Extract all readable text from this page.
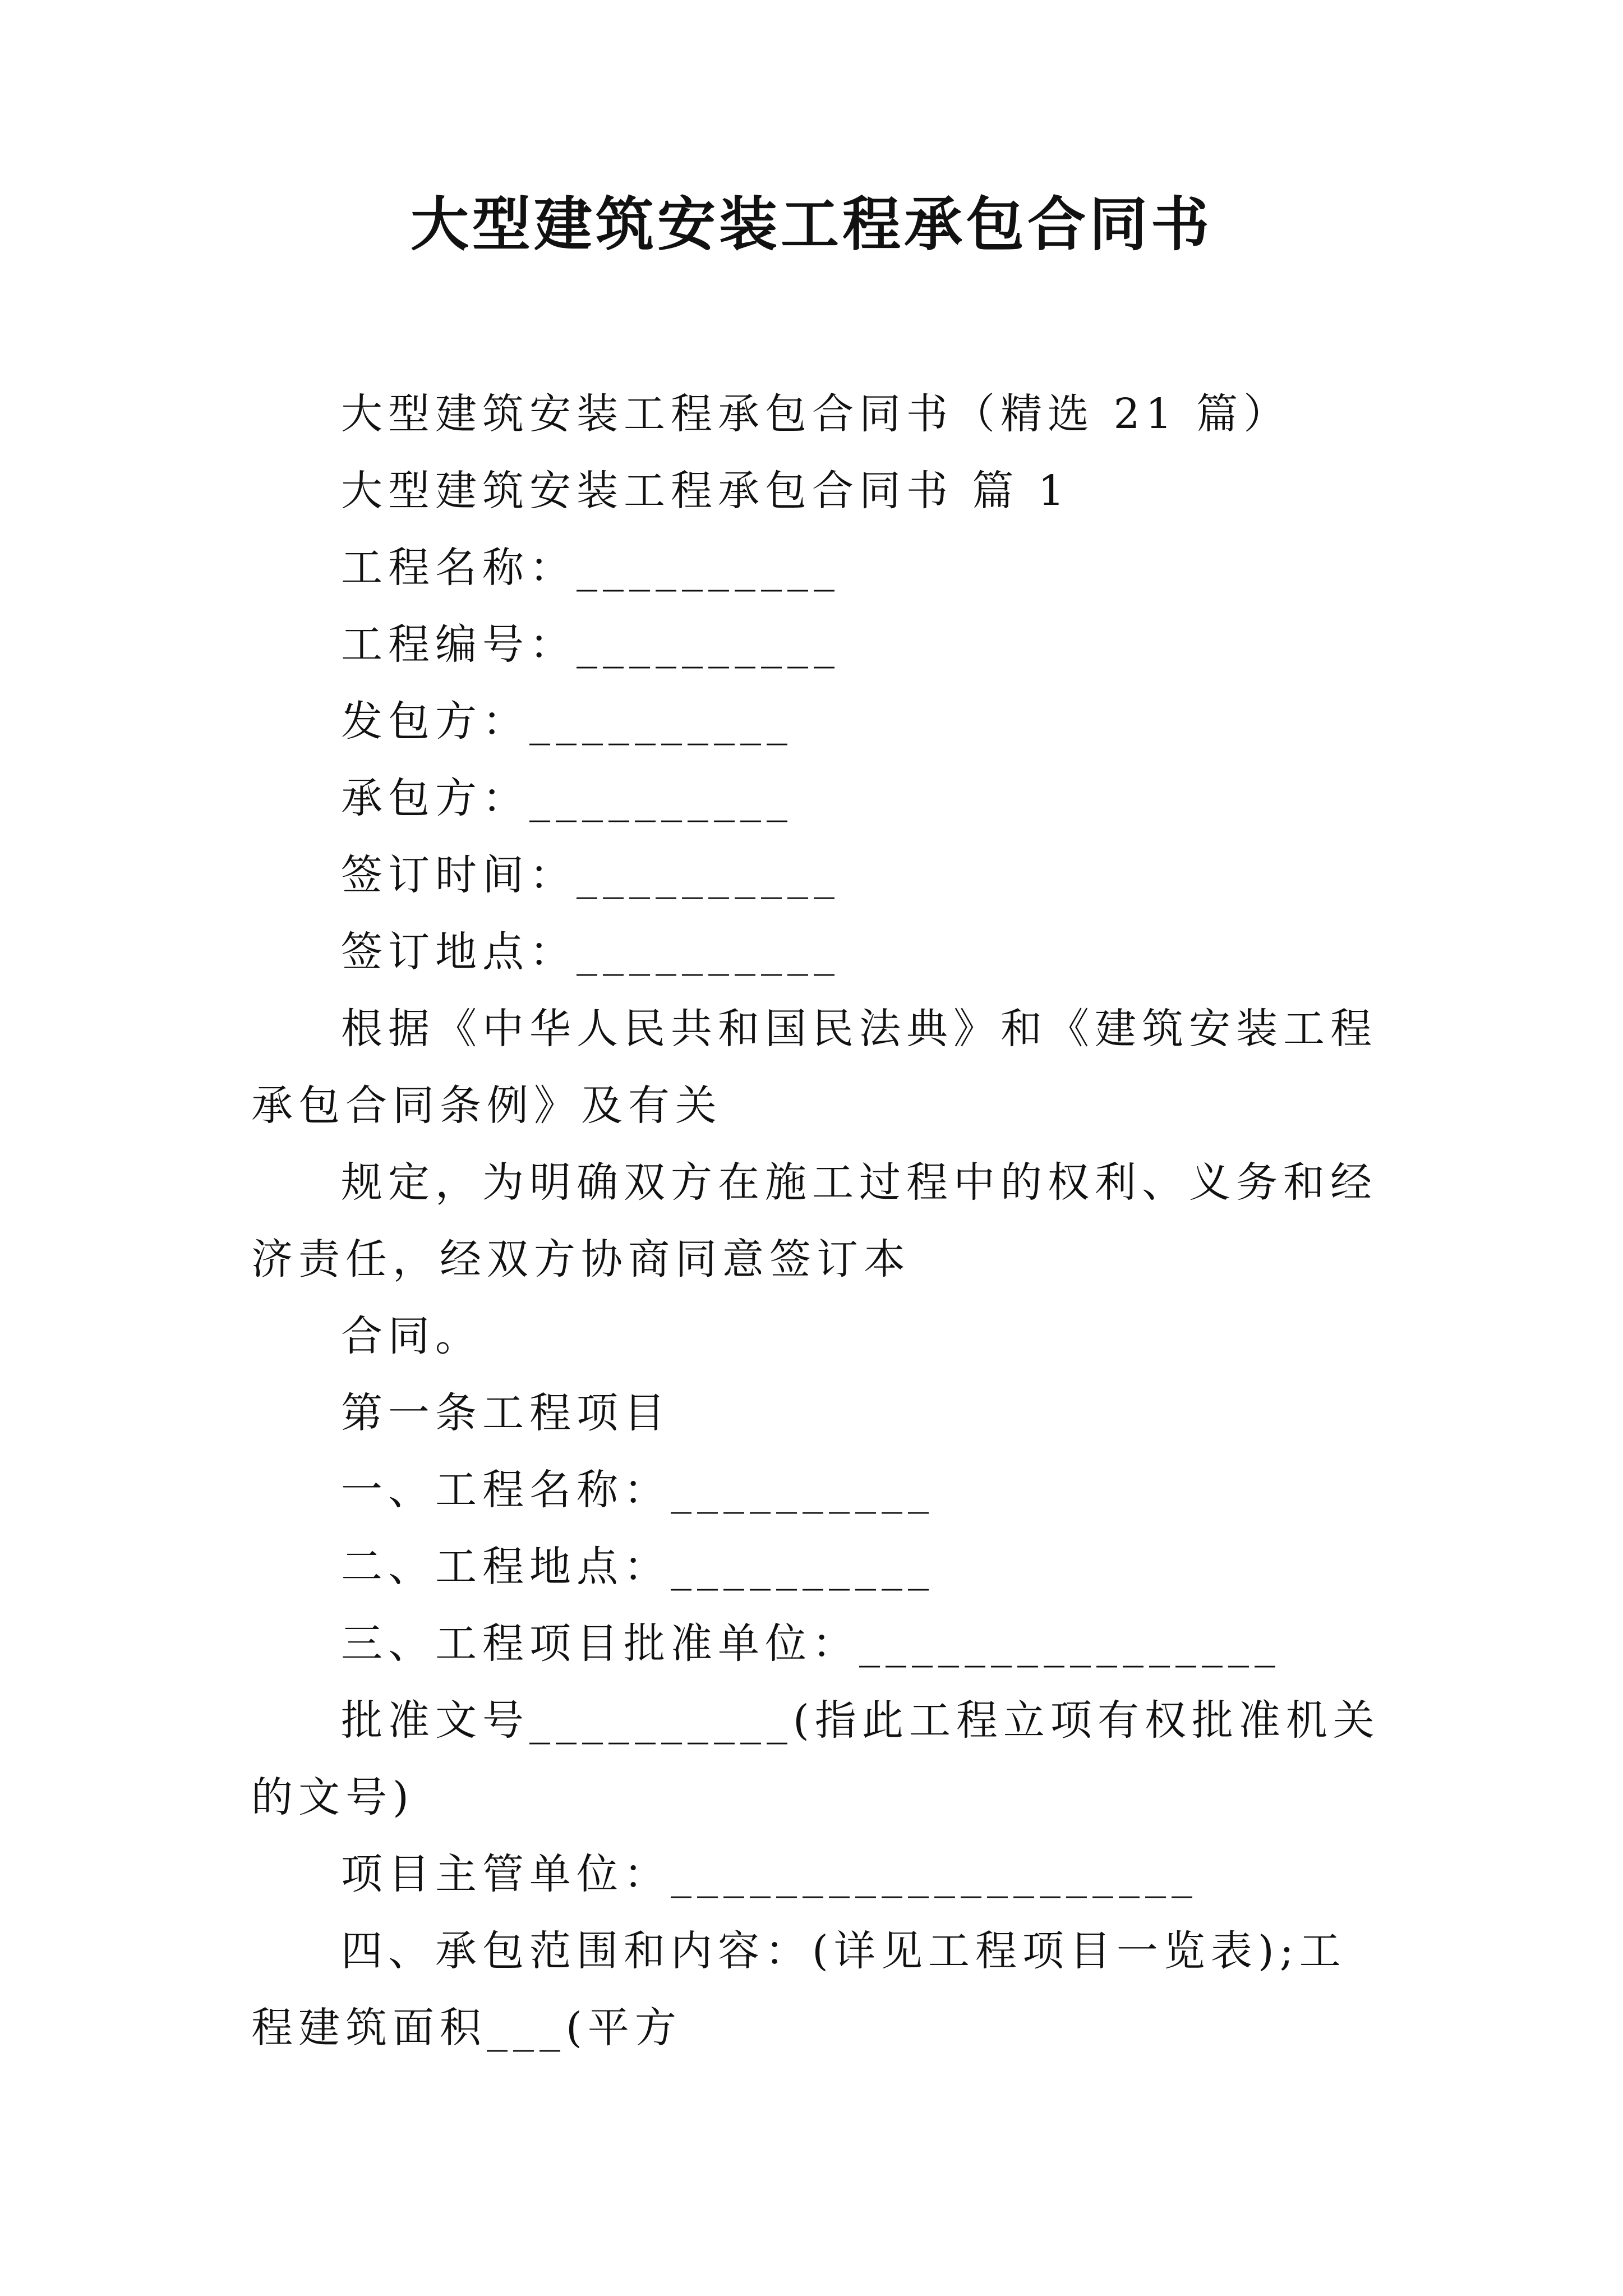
大型建筑安装工程承包合同书

大型建筑安装工程承包合同书（精选 21 篇）

大型建筑安装工程承包合同书 篇 1

工程名称：__________

工程编号：__________

发包方：__________

承包方：__________

签订时间：__________

签订地点：__________

根据《中华人民共和国民法典》和《建筑安装工程承包合同条例》及有关

规定，为明确双方在施工过程中的权利、义务和经济责任，经双方协商同意签订本

合同。

第一条工程项目

一、工程名称：__________

二、工程地点：__________

三、工程项目批准单位：________________

批准文号__________(指此工程立项有权批准机关的文号)

项目主管单位：____________________

四、承包范围和内容：(详见工程项目一览表);工程建筑面积___(平方
